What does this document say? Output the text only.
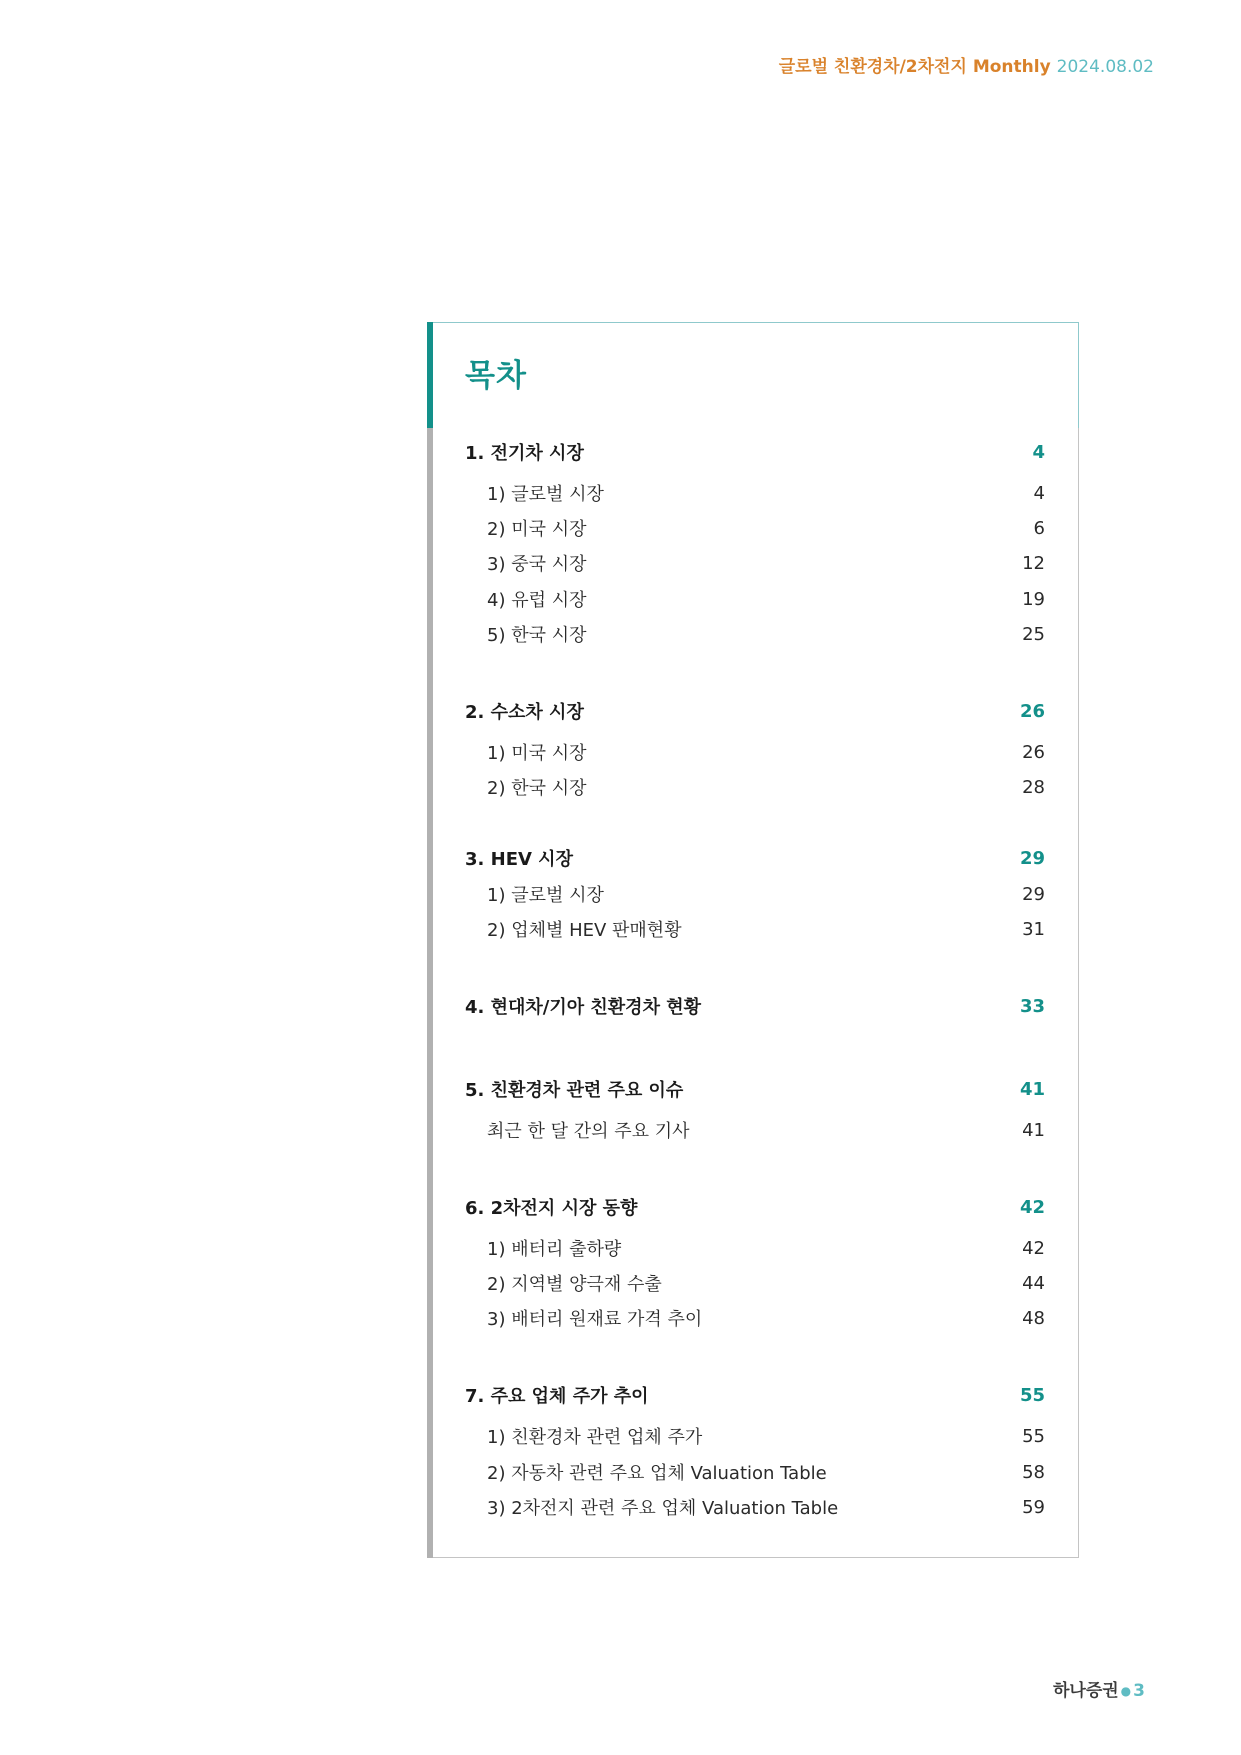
글로벌 친환경차/2차전지 Monthly 2024.08.02
목차
1. 전기차 시장	4
1) 글로벌 시장	4
2) 미국 시장	6
3) 중국 시장	12
4) 유럽 시장	19
5) 한국 시장	25
2. 수소차 시장	26
1) 미국 시장	26
2) 한국 시장	28
3. HEV 시장	29
1) 글로벌 시장	29
2) 업체별 HEV 판매현황	31
4. 현대차/기아 친환경차 현황	33
5. 친환경차 관련 주요 이슈	41
최근 한 달 간의 주요 기사	41
6. 2차전지 시장 동향	42
1) 배터리 출하량	42
2) 지역별 양극재 수출	44
3) 배터리 원재료 가격 추이	48
7. 주요 업체 주가 추이	55
1) 친환경차 관련 업체 주가	55
2) 자동차 관련 주요 업체 Valuation Table	58
3) 2차전지 관련 주요 업체 Valuation Table	59
하나증권 ● 3
